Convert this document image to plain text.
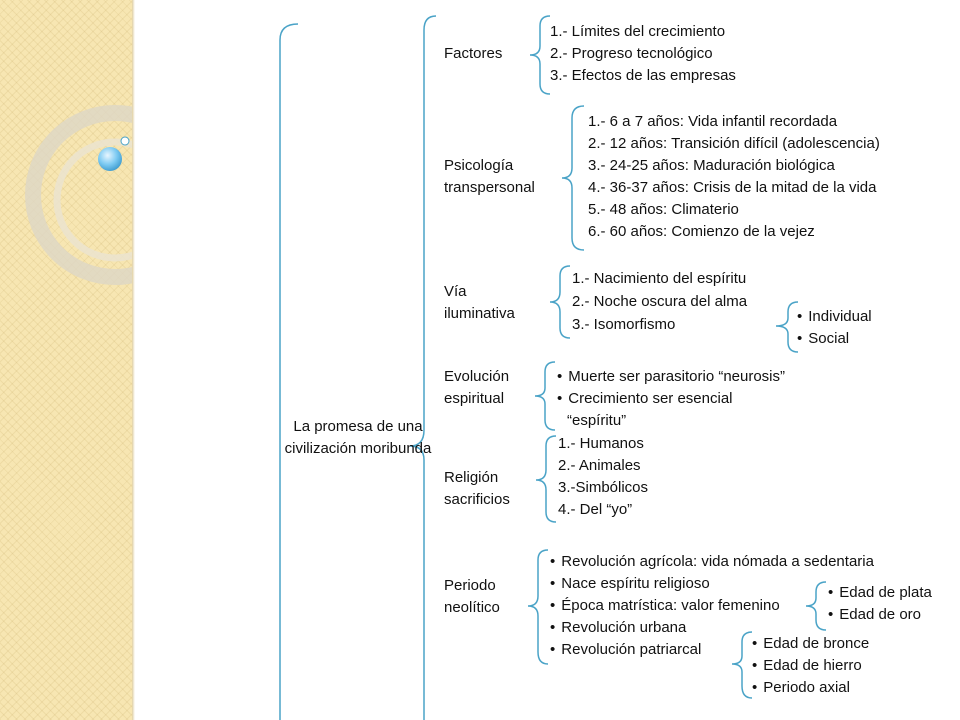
La promesa de una civilización moribunda
Factores
Psicología
transpersonal
Vía
iluminativa
Evolución
espiritual
Religión
sacrificios
Periodo
neolítico
1.- Límites del crecimiento
2.- Progreso tecnológico
3.- Efectos de las empresas
1.- 6 a 7 años: Vida infantil recordada
2.- 12 años: Transición difícil (adolescencia)
3.- 24-25 años: Maduración biológica
4.- 36-37 años: Crisis de la mitad de la vida
5.- 48 años: Climaterio
6.- 60 años: Comienzo de la vejez
1.- Nacimiento del espíritu
2.- Noche oscura del alma
3.- Isomorfismo
•	Individual
• Social
• Muerte ser parasitorio “neurosis”
• Crecimiento ser esencial
“espíritu”
1.- Humanos
2.- Animales
3.-Simbólicos
4.- Del “yo”
• Revolución agrícola: vida nómada a sedentaria
• Nace espíritu religioso
• Época matrística: valor femenino
• Revolución urbana
• Revolución patriarcal
• Edad de plata
• Edad de oro
• Edad de bronce
• Edad de hierro
• Periodo axial
